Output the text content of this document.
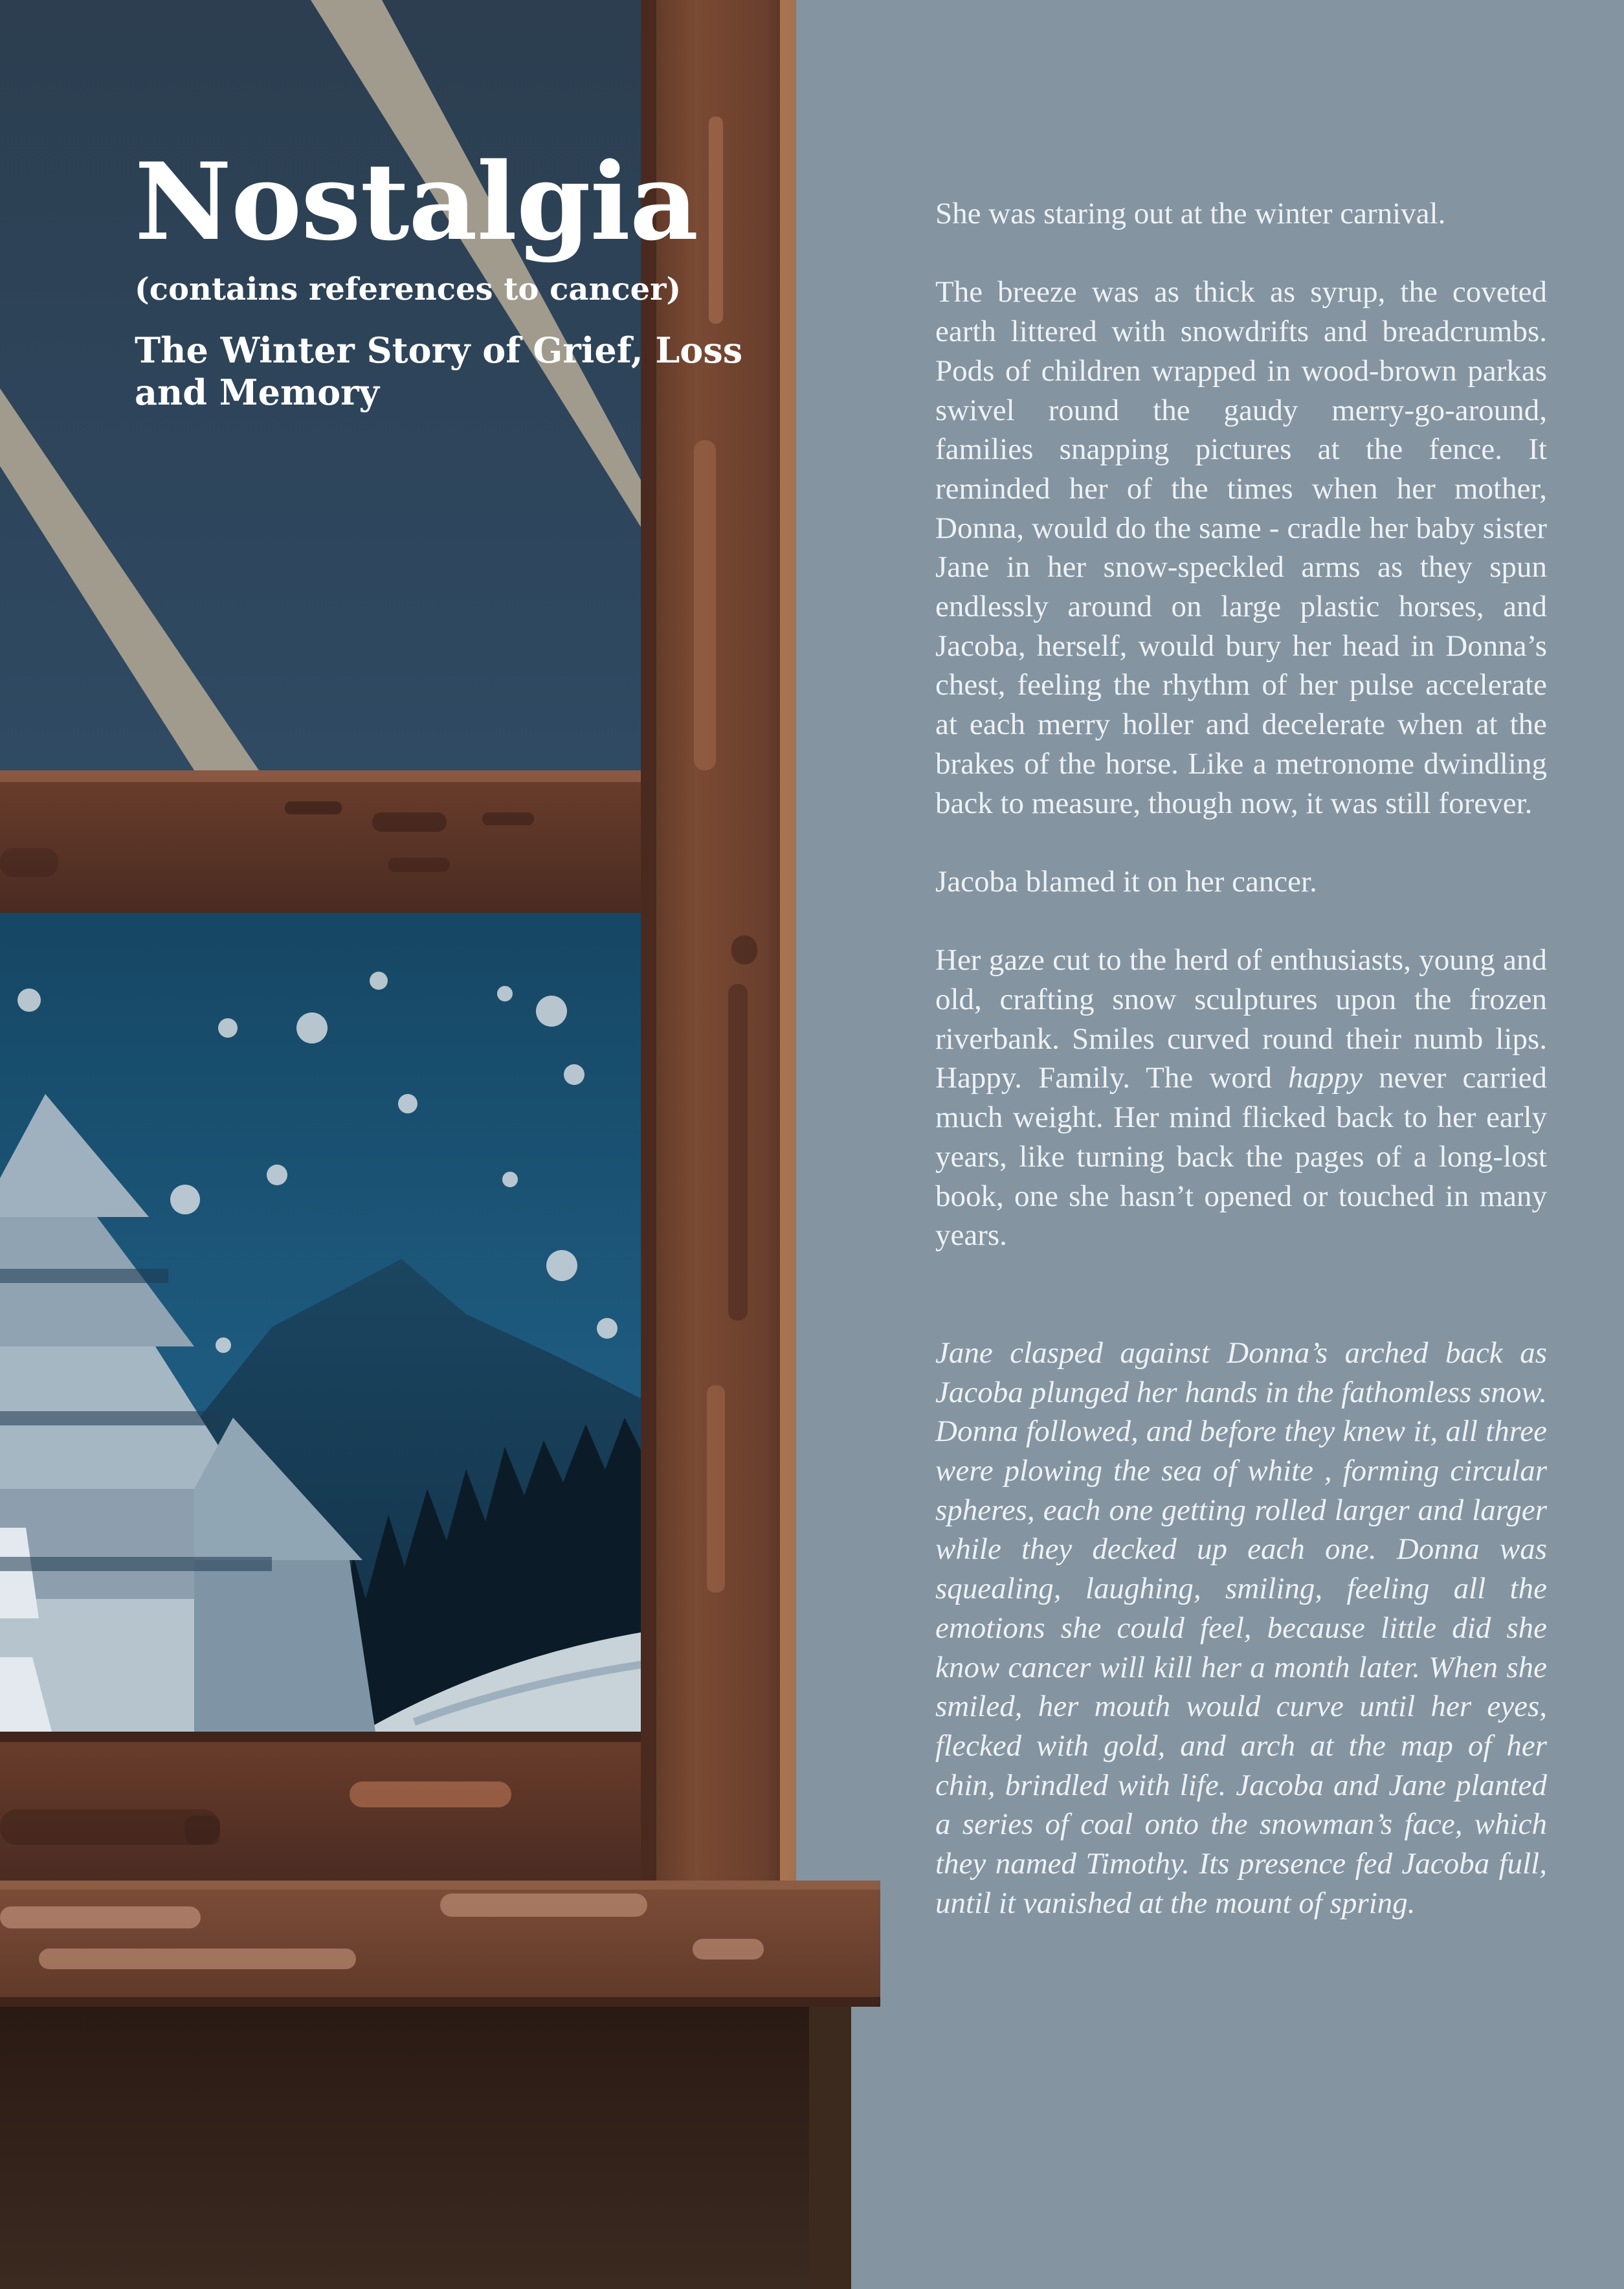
Nostalgia
(contains references to cancer)
The Winter Story of Grief, Loss and Memory

She was staring out at the winter carnival.

The breeze was as thick as syrup, the coveted earth littered with snowdrifts and breadcrumbs. Pods of children wrapped in wood-brown parkas swivel round the gaudy merry-go-around, families snapping pictures at the fence. It reminded her of the times when her mother, Donna, would do the same - cradle her baby sister Jane in her snow-speckled arms as they spun endlessly around on large plastic horses, and Jacoba, herself, would bury her head in Donna’s chest, feeling the rhythm of her pulse accelerate at each merry holler and decelerate when at the brakes of the horse. Like a metronome dwindling back to measure, though now, it was still forever.

Jacoba blamed it on her cancer.

Her gaze cut to the herd of enthusiasts, young and old, crafting snow sculptures upon the frozen riverbank. Smiles curved round their numb lips. Happy. Family. The word happy never carried much weight. Her mind flicked back to her early years, like turning back the pages of a long-lost book, one she hasn’t opened or touched in many years.

Jane clasped against Donna’s arched back as Jacoba plunged her hands in the fathomless snow. Donna followed, and before they knew it, all three were plowing the sea of white , forming circular spheres, each one getting rolled larger and larger while they decked up each one. Donna was squealing, laughing, smiling, feeling all the emotions she could feel, because little did she know cancer will kill her a month later. When she smiled, her mouth would curve until her eyes, flecked with gold, and arch at the map of her chin, brindled with life. Jacoba and Jane planted a series of coal onto the snowman’s face, which they named Timothy. Its presence fed Jacoba full, until it vanished at the mount of spring.
